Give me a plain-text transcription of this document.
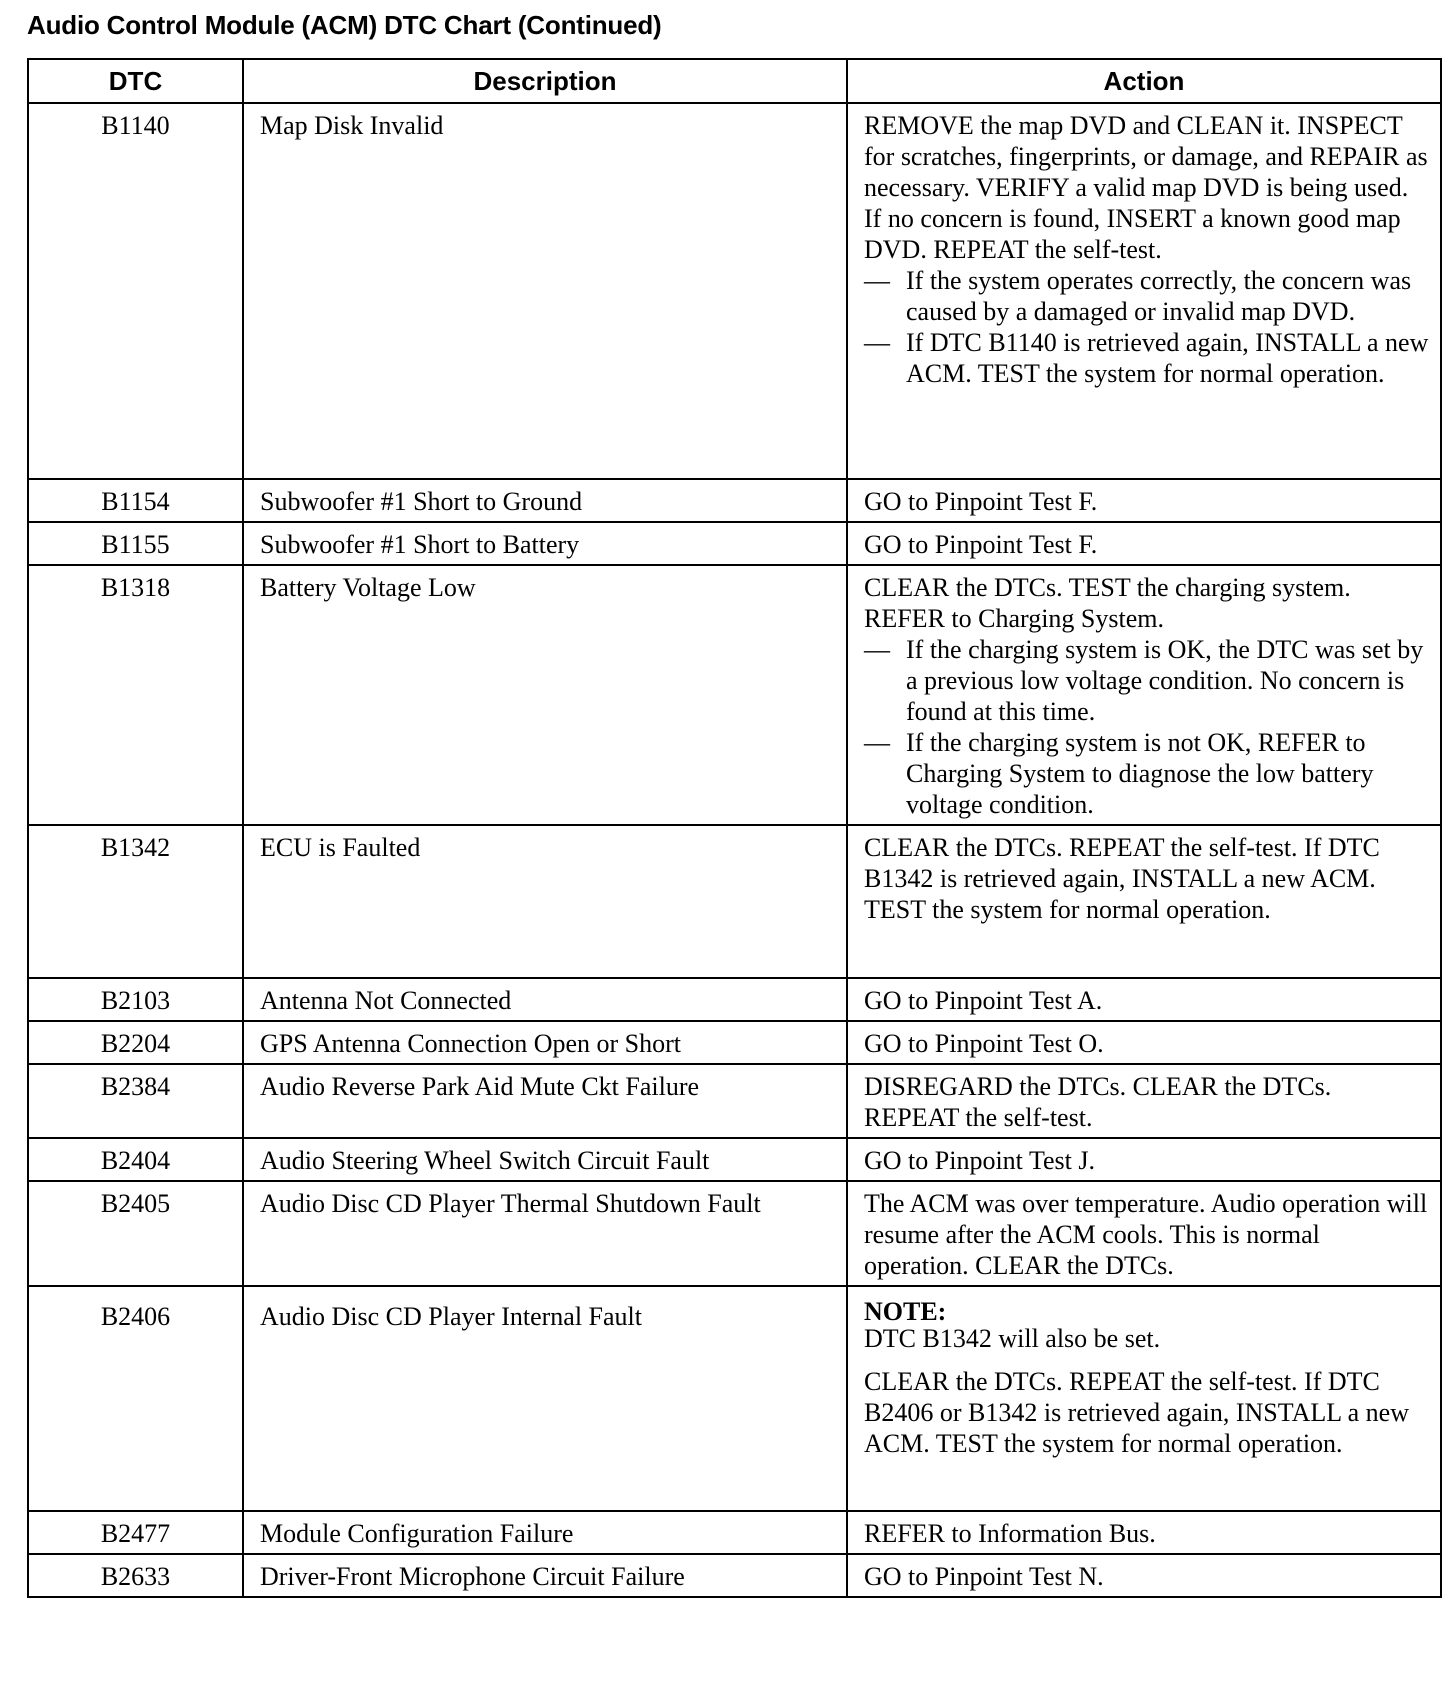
Audio Control Module (ACM) DTC Chart (Continued)
DTC	Description	Action
B1140	Map Disk Invalid	REMOVE the map DVD and CLEAN it. INSPECT for scratches, fingerprints, or damage, and REPAIR as necessary. VERIFY a valid map DVD is being used. If no concern is found, INSERT a known good map DVD. REPEAT the self-test.
— If the system operates correctly, the concern was caused by a damaged or invalid map DVD.
— If DTC B1140 is retrieved again, INSTALL a new ACM. TEST the system for normal operation.

B1154	Subwoofer #1 Short to Ground	GO to Pinpoint Test F.
B1155	Subwoofer #1 Short to Battery	GO to Pinpoint Test F.
B1318	Battery Voltage Low	CLEAR the DTCs. TEST the charging system. REFER to Charging System.
— If the charging system is OK, the DTC was set by a previous low voltage condition. No concern is found at this time.
— If the charging system is not OK, REFER to Charging System to diagnose the low battery voltage condition.

B1342	ECU is Faulted	CLEAR the DTCs. REPEAT the self-test. If DTC B1342 is retrieved again, INSTALL a new ACM. TEST the system for normal operation.
B2103	Antenna Not Connected	GO to Pinpoint Test A.
B2204	GPS Antenna Connection Open or Short	GO to Pinpoint Test O.
B2384	Audio Reverse Park Aid Mute Ckt Failure	DISREGARD the DTCs. CLEAR the DTCs. REPEAT the self-test.
B2404	Audio Steering Wheel Switch Circuit Fault	GO to Pinpoint Test J.
B2405	Audio Disc CD Player Thermal Shutdown Fault	The ACM was over temperature. Audio operation will resume after the ACM cools. This is normal operation. CLEAR the DTCs.
B2406	Audio Disc CD Player Internal Fault	NOTE:
DTC B1342 will also be set.
CLEAR the DTCs. REPEAT the self-test. If DTC B2406 or B1342 is retrieved again, INSTALL a new ACM. TEST the system for normal operation.

B2477	Module Configuration Failure	REFER to Information Bus.
B2633	Driver-Front Microphone Circuit Failure	GO to Pinpoint Test N.
